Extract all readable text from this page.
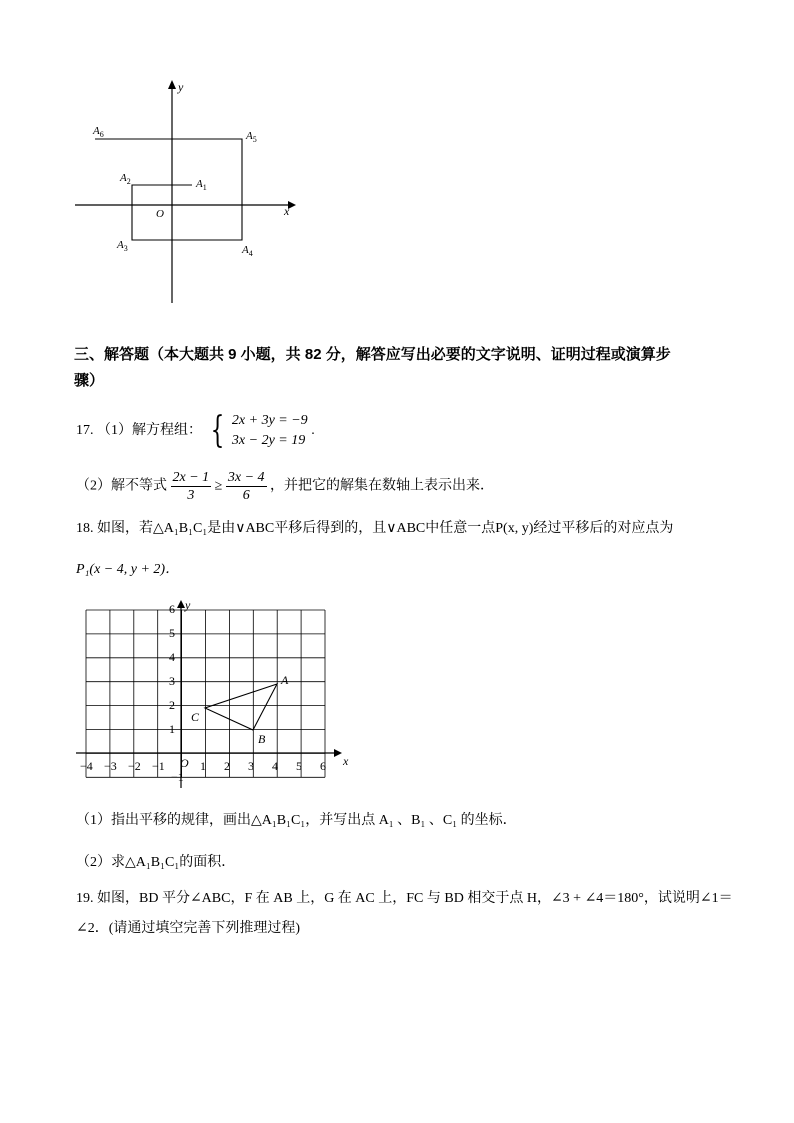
y
x
O
$A_1$
$A_2$
$A_3$	$A_4$
$A_5$
$A_6$
三、解答题（本大题共 9 小题，共 82 分，解答应写出必要的文字说明、证明过程或演算步
骤）
17. （1）解方程组： { 2x + 3y = −9
3x − 2y = 19
.
（2）解不等式 $\frac{2x - 1}{3} \ge \frac{3x - 4}{6}$ ，并把它的解集在数轴上表示出来．
18. 如图，若△A₁B₁C₁是由∨ABC平移后得到的，且∨ABC中任意一点P(x, y)经过平移后的对应点为
P₁(x − 4, y + 2)．
−4 −3 −2 −1	1 2 3 4 5 6
6
5
4
3
2
1
−1
x
y
O
A
B
C
（1）指出平移的规律，画出△A₁B₁C₁，并写出点 A₁ 、B₁ 、C₁ 的坐标．
（2）求△A₁B₁C₁的面积．
19. 如图，BD 平分∠ABC，F 在 AB 上，G 在 AC 上，FC 与 BD 相交于点 H，∠3 + ∠4＝180°，试说明∠1＝
∠2．(请通过填空完善下列推理过程)
